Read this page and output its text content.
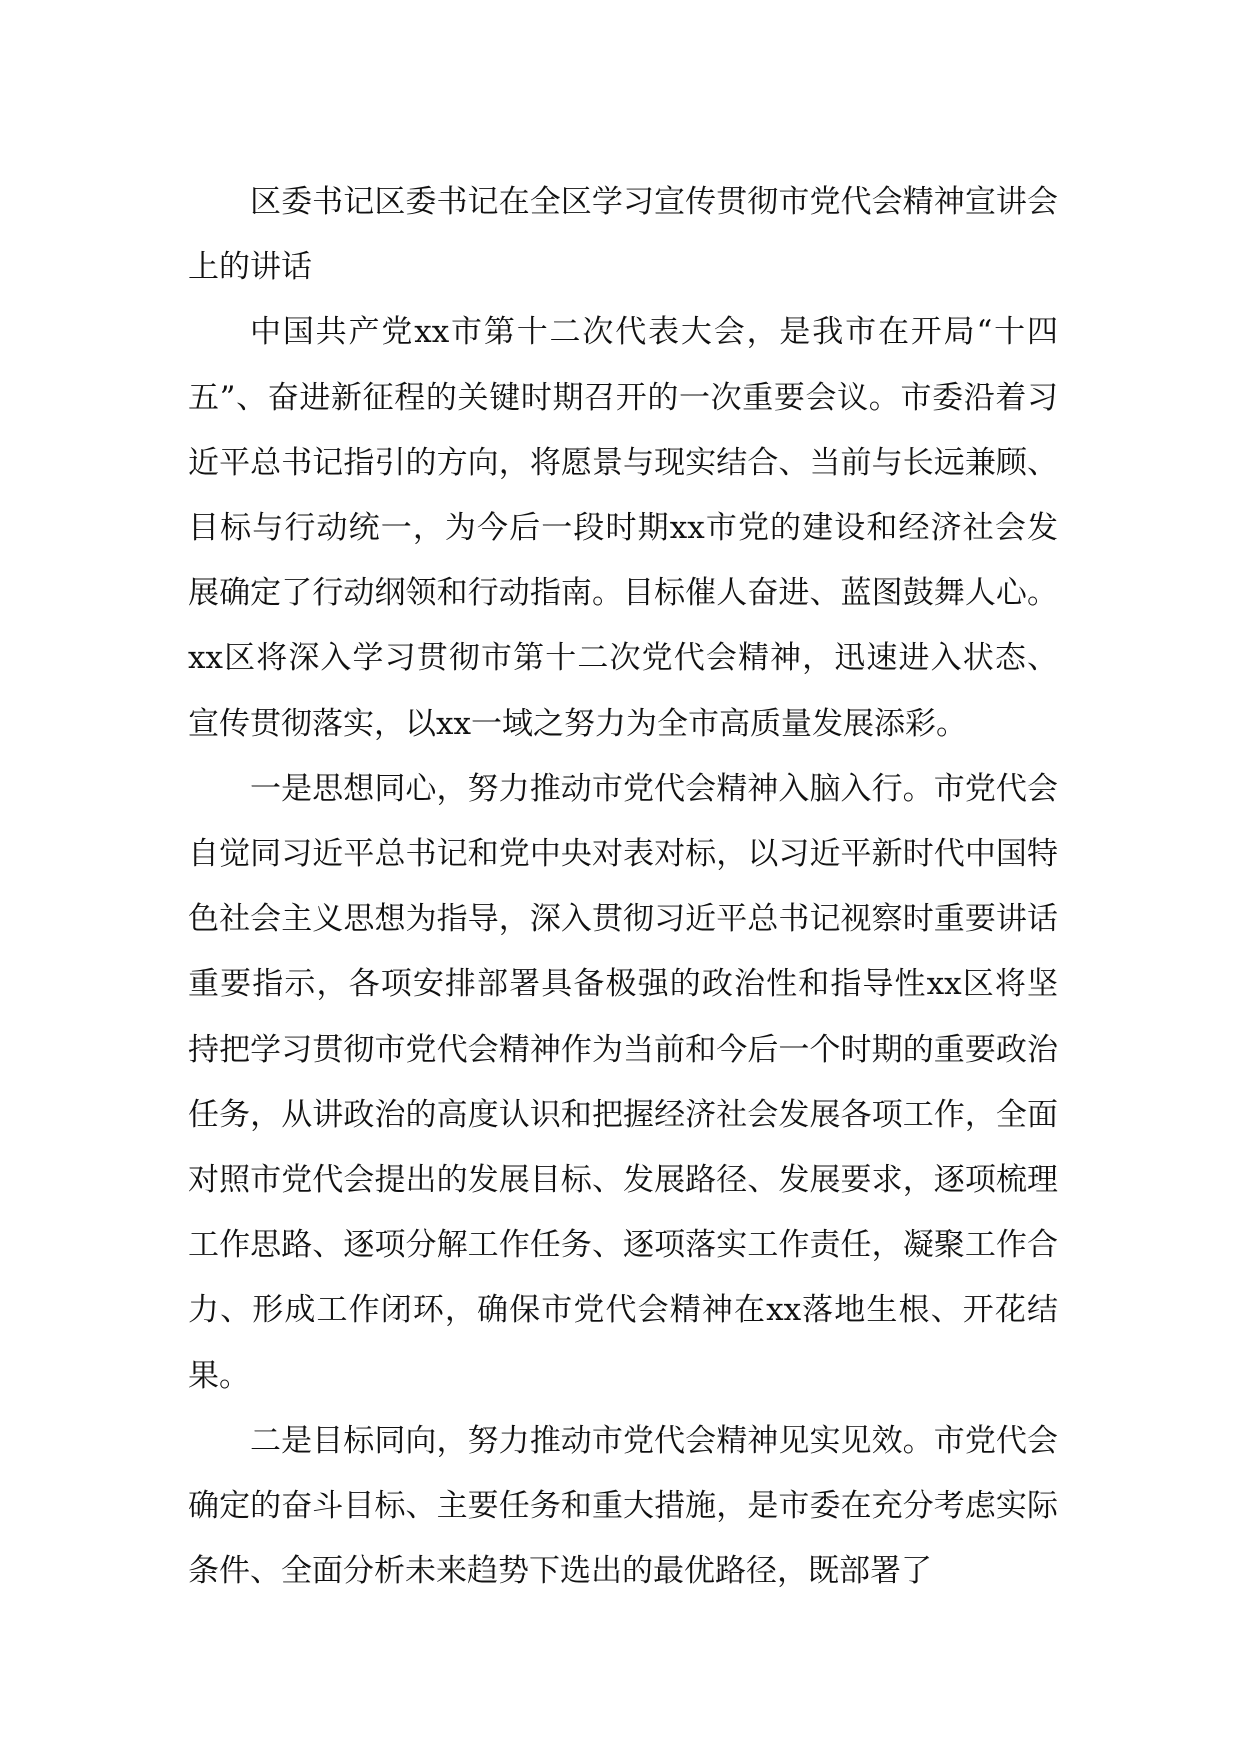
区委书记区委书记在全区学习宣传贯彻市党代会精神宣讲会上的讲话

中国共产党xx市第十二次代表大会，是我市在开局“十四五”、奋进新征程的关键时期召开的一次重要会议。市委沿着习近平总书记指引的方向，将愿景与现实结合、当前与长远兼顾、目标与行动统一，为今后一段时期xx市党的建设和经济社会发展确定了行动纲领和行动指南。目标催人奋进、蓝图鼓舞人心。xx区将深入学习贯彻市第十二次党代会精神，迅速进入状态、宣传贯彻落实，以xx一域之努力为全市高质量发展添彩。

一是思想同心，努力推动市党代会精神入脑入行。市党代会自觉同习近平总书记和党中央对表对标，以习近平新时代中国特色社会主义思想为指导，深入贯彻习近平总书记视察时重要讲话重要指示，各项安排部署具备极强的政治性和指导性xx区将坚持把学习贯彻市党代会精神作为当前和今后一个时期的重要政治任务，从讲政治的高度认识和把握经济社会发展各项工作，全面对照市党代会提出的发展目标、发展路径、发展要求，逐项梳理工作思路、逐项分解工作任务、逐项落实工作责任，凝聚工作合力、形成工作闭环，确保市党代会精神在xx落地生根、开花结果。

二是目标同向，努力推动市党代会精神见实见效。市党代会确定的奋斗目标、主要任务和重大措施，是市委在充分考虑实际条件、全面分析未来趋势下选出的最优路径，既部署了
